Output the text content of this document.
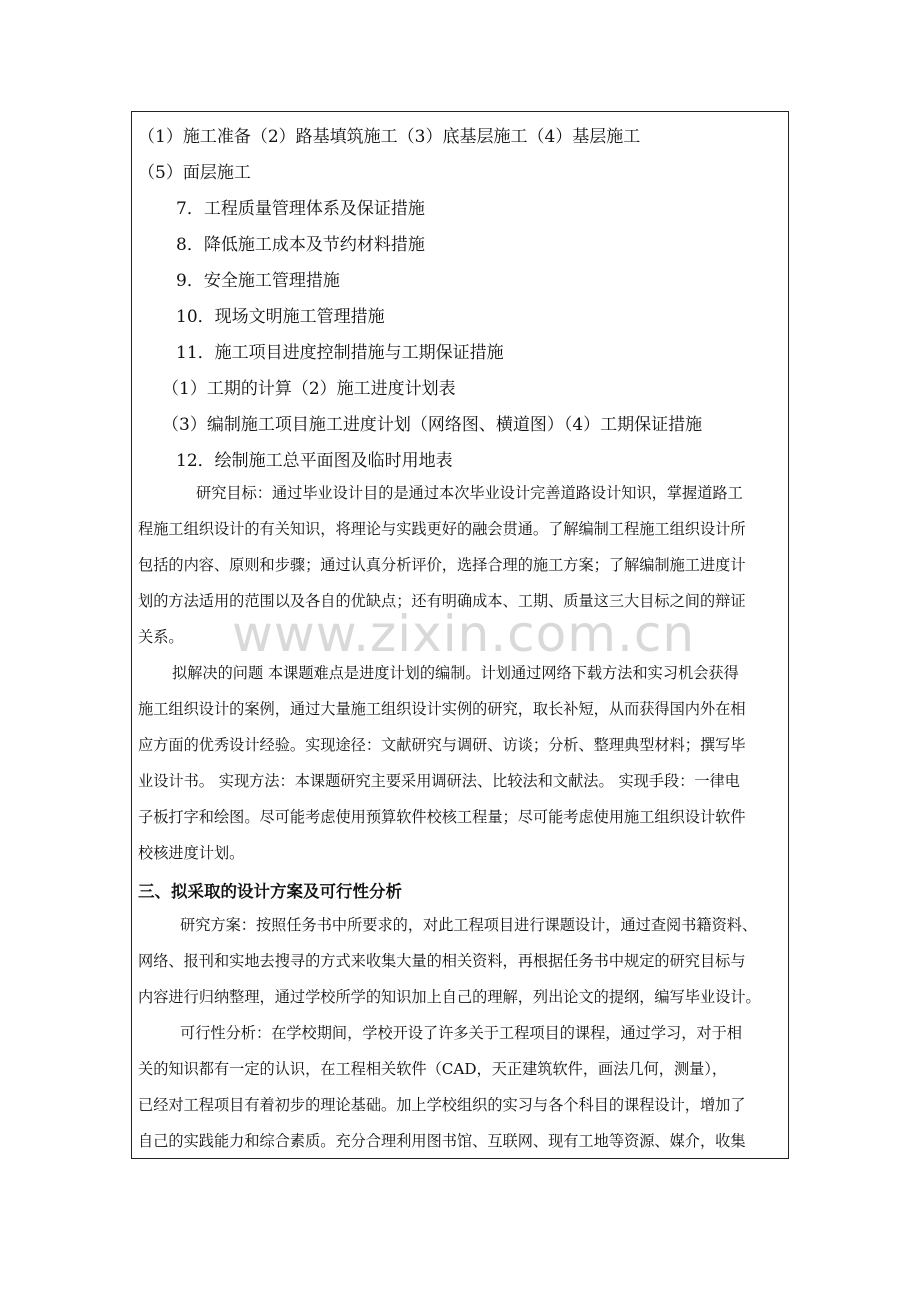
（1）施工准备（2）路基填筑施工（3）底基层施工（4）基层施工
（5）面层施工
7．工程质量管理体系及保证措施
8．降低施工成本及节约材料措施
9．安全施工管理措施
10．现场文明施工管理措施
11．施工项目进度控制措施与工期保证措施
（1）工期的计算（2）施工进度计划表
（3）编制施工项目施工进度计划（网络图、横道图）（4）工期保证措施
12．绘制施工总平面图及临时用地表
研究目标：通过毕业设计目的是通过本次毕业设计完善道路设计知识，掌握道路工
程施工组织设计的有关知识，将理论与实践更好的融会贯通。了解编制工程施工组织设计所
包括的内容、原则和步骤；通过认真分析评价，选择合理的施工方案；了解编制施工进度计
划的方法适用的范围以及各自的优缺点；还有明确成本、工期、质量这三大目标之间的辩证
关系。
拟解决的问题 本课题难点是进度计划的编制。计划通过网络下载方法和实习机会获得
施工组织设计的案例，通过大量施工组织设计实例的研究，取长补短，从而获得国内外在相
应方面的优秀设计经验。实现途径：文献研究与调研、访谈；分析、整理典型材料；撰写毕
业设计书。 实现方法：本课题研究主要采用调研法、比较法和文献法。 实现手段：一律电
子板打字和绘图。尽可能考虑使用预算软件校核工程量；尽可能考虑使用施工组织设计软件
校核进度计划。
三、拟采取的设计方案及可行性分析
研究方案：按照任务书中所要求的，对此工程项目进行课题设计，通过查阅书籍资料、
网络、报刊和实地去搜寻的方式来收集大量的相关资料，再根据任务书中规定的研究目标与
内容进行归纳整理，通过学校所学的知识加上自己的理解，列出论文的提纲，编写毕业设计。
可行性分析：在学校期间，学校开设了许多关于工程项目的课程，通过学习，对于相
关的知识都有一定的认识，在工程相关软件（CAD，天正建筑软件，画法几何，测量），
已经对工程项目有着初步的理论基础。加上学校组织的实习与各个科目的课程设计，增加了
自己的实践能力和综合素质。充分合理利用图书馆、互联网、现有工地等资源、媒介，收集
www.zixin.com.cn
